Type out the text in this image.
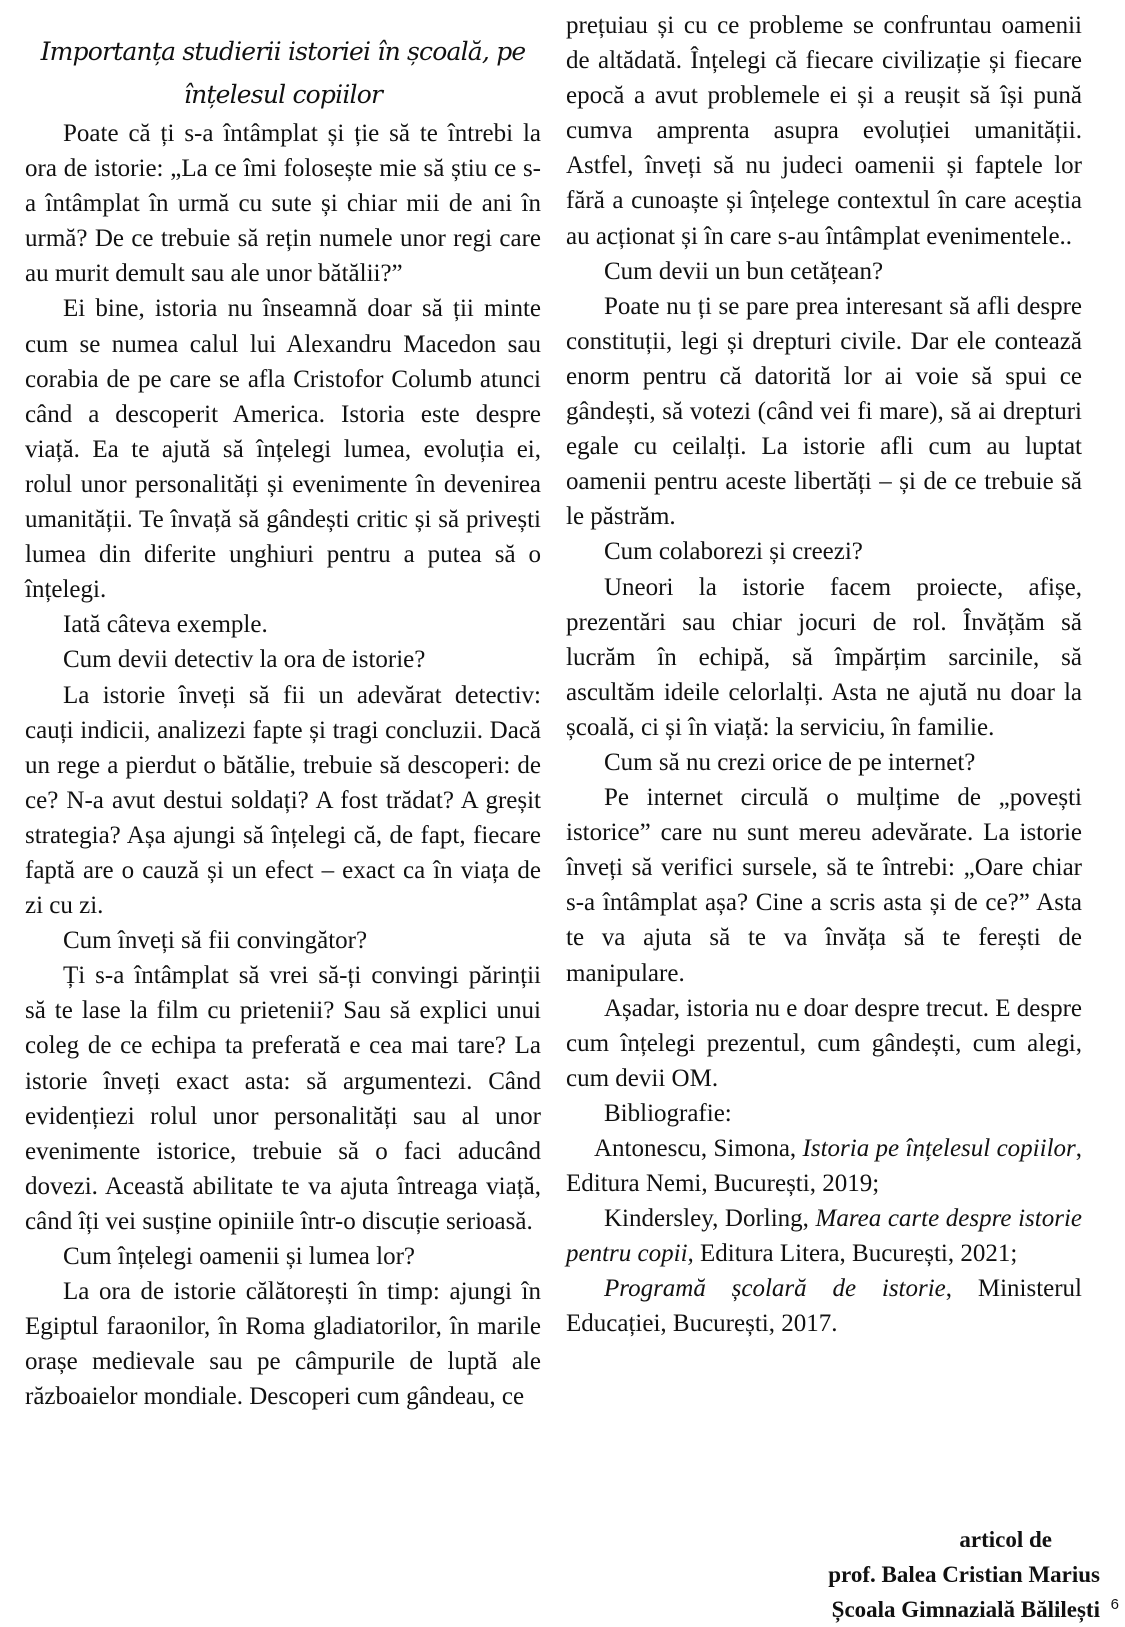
Importanța studierii istoriei în școală, pe înțelesul copiilor

Poate că ți s-a întâmplat și ție să te întrebi la ora de istorie: „La ce îmi folosește mie să știu ce s-a întâmplat în urmă cu sute și chiar mii de ani în urmă? De ce trebuie să rețin numele unor regi care au murit demult sau ale unor bătălii?”

Ei bine, istoria nu înseamnă doar să ții minte cum se numea calul lui Alexandru Macedon sau corabia de pe care se afla Cristofor Columb atunci când a descoperit America. Istoria este despre viață. Ea te ajută să înțelegi lumea, evoluția ei, rolul unor personalități și evenimente în devenirea umanității. Te învață să gândești critic și să privești lumea din diferite unghiuri pentru a putea să o înțelegi.

Iată câteva exemple.

Cum devii detectiv la ora de istorie?

La istorie înveți să fii un adevărat detectiv: cauți indicii, analizezi fapte și tragi concluzii. Dacă un rege a pierdut o bătălie, trebuie să descoperi: de ce? N-a avut destui soldați? A fost trădat? A greșit strategia? Așa ajungi să înțelegi că, de fapt, fiecare faptă are o cauză și un efect – exact ca în viața de zi cu zi.

Cum înveți să fii convingător?

Ți s-a întâmplat să vrei să-ți convingi părinții să te lase la film cu prietenii? Sau să explici unui coleg de ce echipa ta preferată e cea mai tare? La istorie înveți exact asta: să argumentezi. Când evidențiezi rolul unor personalități sau al unor evenimente istorice, trebuie să o faci aducând dovezi. Această abilitate te va ajuta întreaga viață, când îți vei susține opiniile într-o discuție serioasă.

Cum înțelegi oamenii și lumea lor?

La ora de istorie călătorești în timp: ajungi în Egiptul faraonilor, în Roma gladiatorilor, în marile orașe medievale sau pe câmpurile de luptă ale războaielor mondiale. Descoperi cum gândeau, ce

prețuiau și cu ce probleme se confruntau oamenii de altădată. Înțelegi că fiecare civilizație și fiecare epocă a avut problemele ei și a reușit să își pună cumva amprenta asupra evoluției umanității. Astfel, înveți să nu judeci oamenii și faptele lor fără a cunoaște și înțelege contextul în care aceștia au acționat și în care s-au întâmplat evenimentele..

Cum devii un bun cetățean?

Poate nu ți se pare prea interesant să afli despre constituții, legi și drepturi civile. Dar ele contează enorm pentru că datorită lor ai voie să spui ce gândești, să votezi (când vei fi mare), să ai drepturi egale cu ceilalți. La istorie afli cum au luptat oamenii pentru aceste libertăți – și de ce trebuie să le păstrăm.

Cum colaborezi și creezi?

Uneori la istorie facem proiecte, afișe, prezentări sau chiar jocuri de rol. Învățăm să lucrăm în echipă, să împărțim sarcinile, să ascultăm ideile celorlalți. Asta ne ajută nu doar la școală, ci și în viață: la serviciu, în familie.

Cum să nu crezi orice de pe internet?

Pe internet circulă o mulțime de „povești istorice” care nu sunt mereu adevărate. La istorie înveți să verifici sursele, să te întrebi: „Oare chiar s-a întâmplat așa? Cine a scris asta și de ce?” Asta te va ajuta să te va învăța să te ferești de manipulare.

Așadar, istoria nu e doar despre trecut. E despre cum înțelegi prezentul, cum gândești, cum alegi, cum devii OM.

Bibliografie:

Antonescu, Simona, Istoria pe înțelesul copiilor, Editura Nemi, București, 2019;

Kindersley, Dorling, Marea carte despre istorie pentru copii, Editura Litera, București, 2021;

Programă școlară de istorie, Ministerul Educației, București, 2017.

articol de
prof. Balea Cristian Marius
Școala Gimnazială Bălilești 6
